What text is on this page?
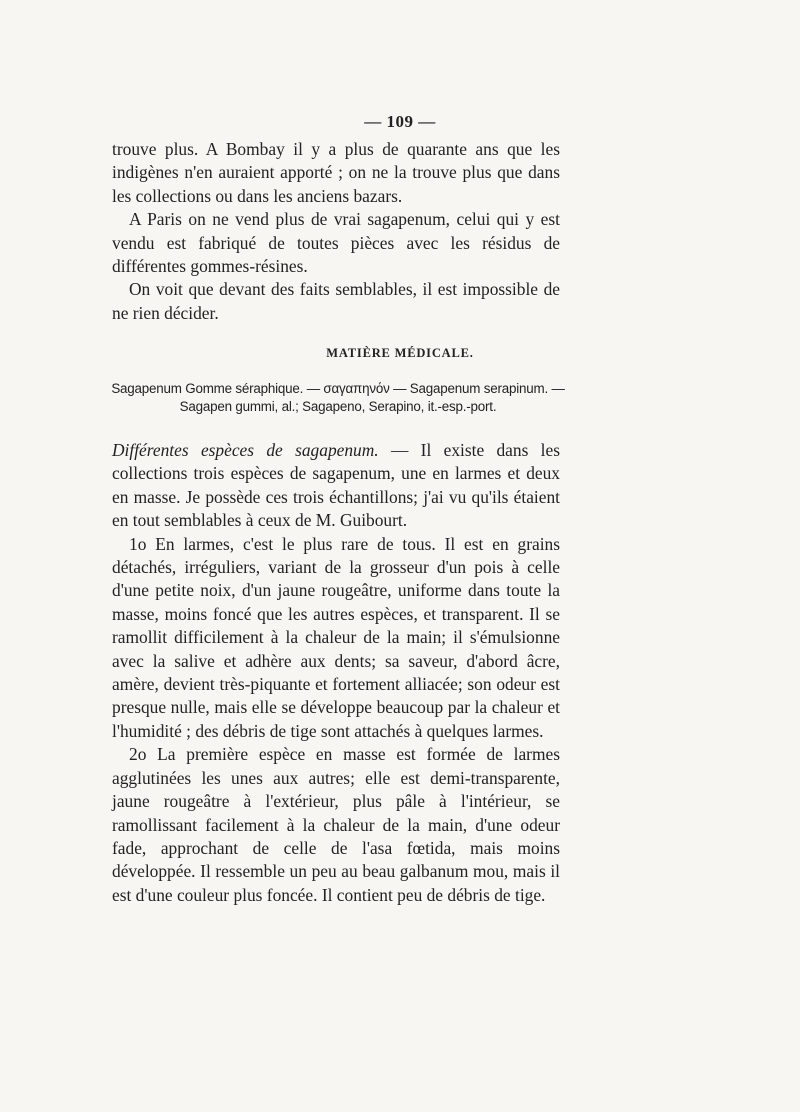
— 109 —

trouve plus. A Bombay il y a plus de quarante ans que les indigènes n'en auraient apporté ; on ne la trouve plus que dans les collections ou dans les anciens bazars.

A Paris on ne vend plus de vrai sagapenum, celui qui y est vendu est fabriqué de toutes pièces avec les résidus de différentes gommes-résines.

On voit que devant des faits semblables, il est impossible de ne rien décider.

MATIÈRE MÉDICALE.
Sagapenum Gomme séraphique. — σαγαπηνόν — Sagapenum serapinum. —
Sagapen gummi, al.; Sagapeno, Serapino, it.-esp.-port.

Différentes espèces de sagapenum. — Il existe dans les collections trois espèces de sagapenum, une en larmes et deux en masse. Je possède ces trois échantillons; j'ai vu qu'ils étaient en tout semblables à ceux de M. Guibourt.

1o En larmes, c'est le plus rare de tous. Il est en grains détachés, irréguliers, variant de la grosseur d'un pois à celle d'une petite noix, d'un jaune rougeâtre, uniforme dans toute la masse, moins foncé que les autres espèces, et transparent. Il se ramollit difficilement à la chaleur de la main; il s'émulsionne avec la salive et adhère aux dents; sa saveur, d'abord âcre, amère, devient très-piquante et fortement alliacée; son odeur est presque nulle, mais elle se développe beaucoup par la chaleur et l'humidité ; des débris de tige sont attachés à quelques larmes.

2o La première espèce en masse est formée de larmes agglutinées les unes aux autres; elle est demi-transparente, jaune rougeâtre à l'extérieur, plus pâle à l'intérieur, se ramollissant facilement à la chaleur de la main, d'une odeur fade, approchant de celle de l'asa fœtida, mais moins développée. Il ressemble un peu au beau galbanum mou, mais il est d'une couleur plus foncée. Il contient peu de débris de tige.
